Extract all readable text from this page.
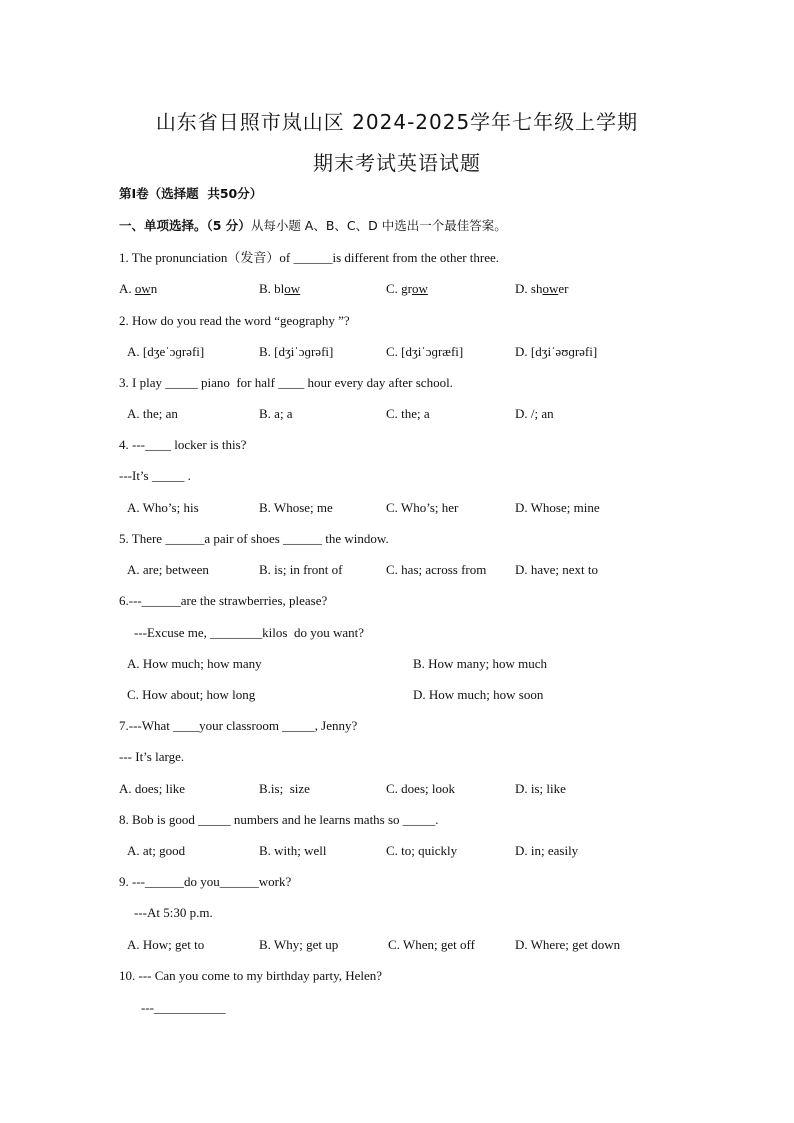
山东省日照市岚山区 2024-2025学年七年级上学期
期末考试英语试题
第Ⅰ卷（选择题  共50分）
一、单项选择。（5 分）从每小题 A、B、C、D 中选出一个最佳答案。
1. The pronunciation（发音）of ______is different from the other three.
A. own	B. blow	C. grow	D. shower
2. How do you read the word “geography ”?
A. [dʒeˈɔɡrəfi]	B. [dʒiˈɔɡrəfi]	C. [dʒiˈɔɡræfi]	D. [dʒiˈəʊɡrəfi]
3. I play _____ piano  for half ____ hour every day after school.
A. the; an	B. a; a	C. the; a	D. /; an
4. ---____ locker is this?
---It’s _____ .
A. Who’s; his	B. Whose; me	C. Who’s; her	D. Whose; mine
5. There ______a pair of shoes ______ the window.
A. are; between	B. is; in front of	C. has; across from D. have; next to
6.---______are the strawberries, please?
---Excuse me, ________kilos  do you want?
A. How much; how many	B. How many; how much
C. How about; how long	D. How much; how soon
7.---What ____your classroom _____, Jenny?
--- It’s large.
A. does; like	B.is;  size	C. does; look	D. is; like
8. Bob is good _____ numbers and he learns maths so _____.
A. at; good	B. with; well	C. to; quickly	D. in; easily
9. ---______do you______work?
---At 5:30 p.m.
A. How; get to	B. Why; get up	C. When; get off	D. Where; get down
10. --- Can you come to my birthday party, Helen?
---___________
